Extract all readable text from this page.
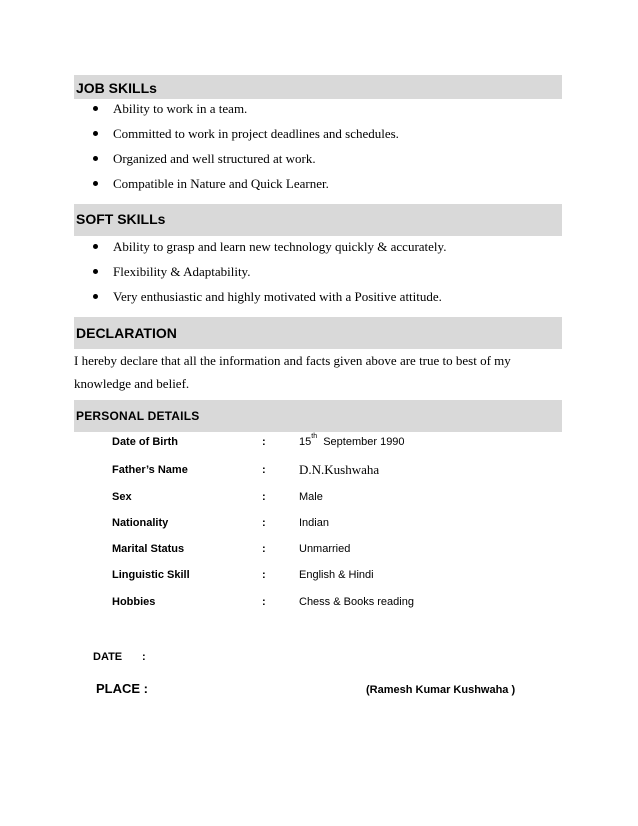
JOB SKILLs
Ability to work in a team.
Committed to work in project deadlines and schedules.
Organized and well structured at work.
Compatible in Nature and Quick Learner.
SOFT SKILLs
Ability to grasp and learn new technology quickly & accurately.
Flexibility & Adaptability.
Very enthusiastic and highly motivated with a Positive attitude.
DECLARATION
I hereby declare that all the information and facts given above are true to best of my knowledge and belief.
PERSONAL DETAILS
Date of Birth	:	15th  September 1990
Father’s Name	:	D.N.Kushwaha
Sex	:	Male
Nationality	:	Indian
Marital Status	:	Unmarried
Linguistic Skill	:	English & Hindi
Hobbies	:	Chess & Books reading
DATE :
PLACE :	(Ramesh Kumar Kushwaha )
